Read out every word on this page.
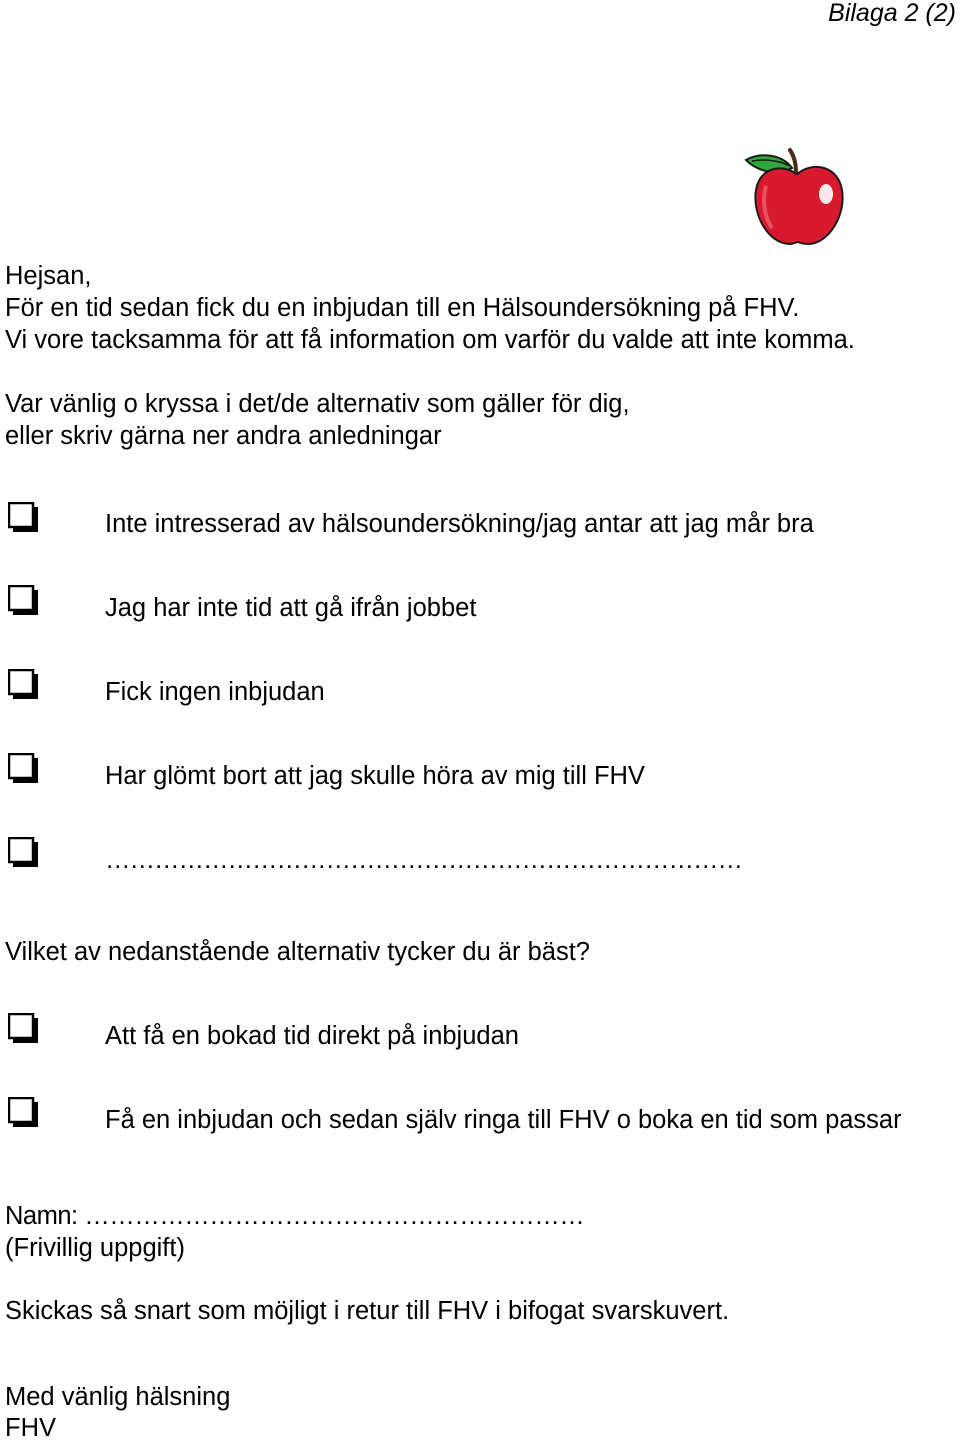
Bilaga 2 (2)
Hejsan,
För en tid sedan fick du en inbjudan till en Hälsoundersökning på FHV.
Vi vore tacksamma för att få information om varför du valde att inte komma.
Var vänlig o kryssa i det/de alternativ som gäller för dig,
eller skriv gärna ner andra anledningar
Inte intresserad av hälsoundersökning/jag antar att jag mår bra
Jag har inte tid att gå ifrån jobbet
Fick ingen inbjudan
Har glömt bort att jag skulle höra av mig till FHV
……………………………………………………………………
Vilket av nedanstående alternativ tycker du är bäst?
Att få en bokad tid direkt på inbjudan
Få en inbjudan och sedan själv ringa till FHV o boka en tid som passar
Namn: ……………………………………………………
(Frivillig uppgift)
Skickas så snart som möjligt i retur till FHV i bifogat svarskuvert.
Med vänlig hälsning
FHV
